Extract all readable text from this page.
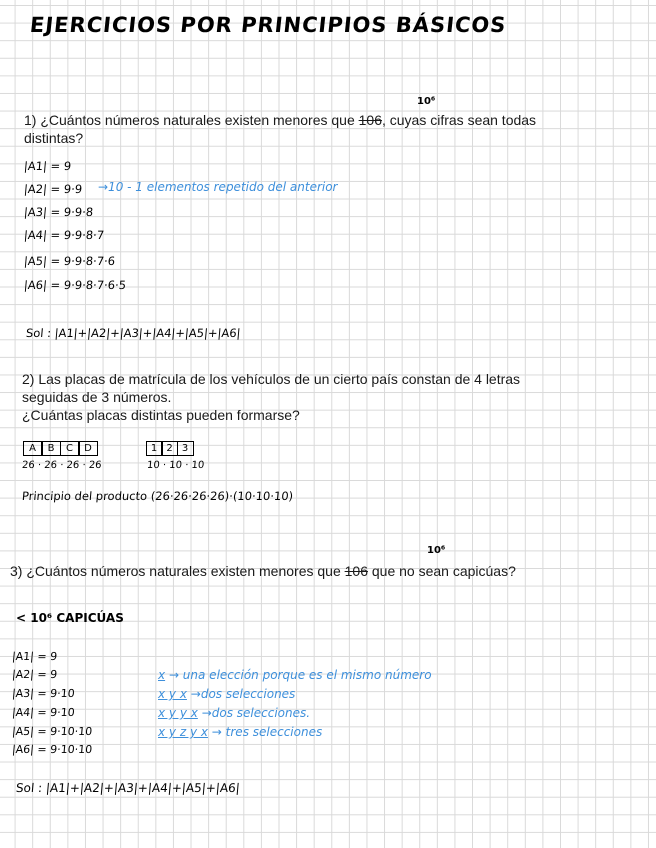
EJERCICIOS POR PRINCIPIOS BÁSICOS
10⁶
1) ¿Cuántos números naturales existen menores que 106, cuyas cifras sean todas
distintas?
|A1| = 9
|A2| = 9·9 →10 - 1 elementos repetido del anterior
|A3| = 9·9·8
|A4| = 9·9·8·7
|A5| = 9·9·8·7·6
|A6| = 9·9·8·7·6·5
Sol : |A1|+|A2|+|A3|+|A4|+|A5|+|A6|
2) Las placas de matrícula de los vehículos de un cierto país constan de 4 letras
seguidas de 3 números.
¿Cuántas placas distintas pueden formarse?
A	B	C	D	1 2 3
26 · 26 · 26 · 26	10 · 10 · 10
Principio del producto (26·26·26·26)·(10·10·10)
10⁶
3) ¿Cuántos números naturales existen menores que 106 que no sean capicúas?
< 10⁶ CAPICÚAS
|A1| = 9
|A2| = 9
|A3| = 9·10
|A4| = 9·10
|A5| = 9·10·10
|A6| = 9·10·10
x → una elección porque es el mismo número
x y x →dos selecciones
x y y x →dos selecciones.
x y z y x → tres selecciones
Sol : |A1|+|A2|+|A3|+|A4|+|A5|+|A6|
